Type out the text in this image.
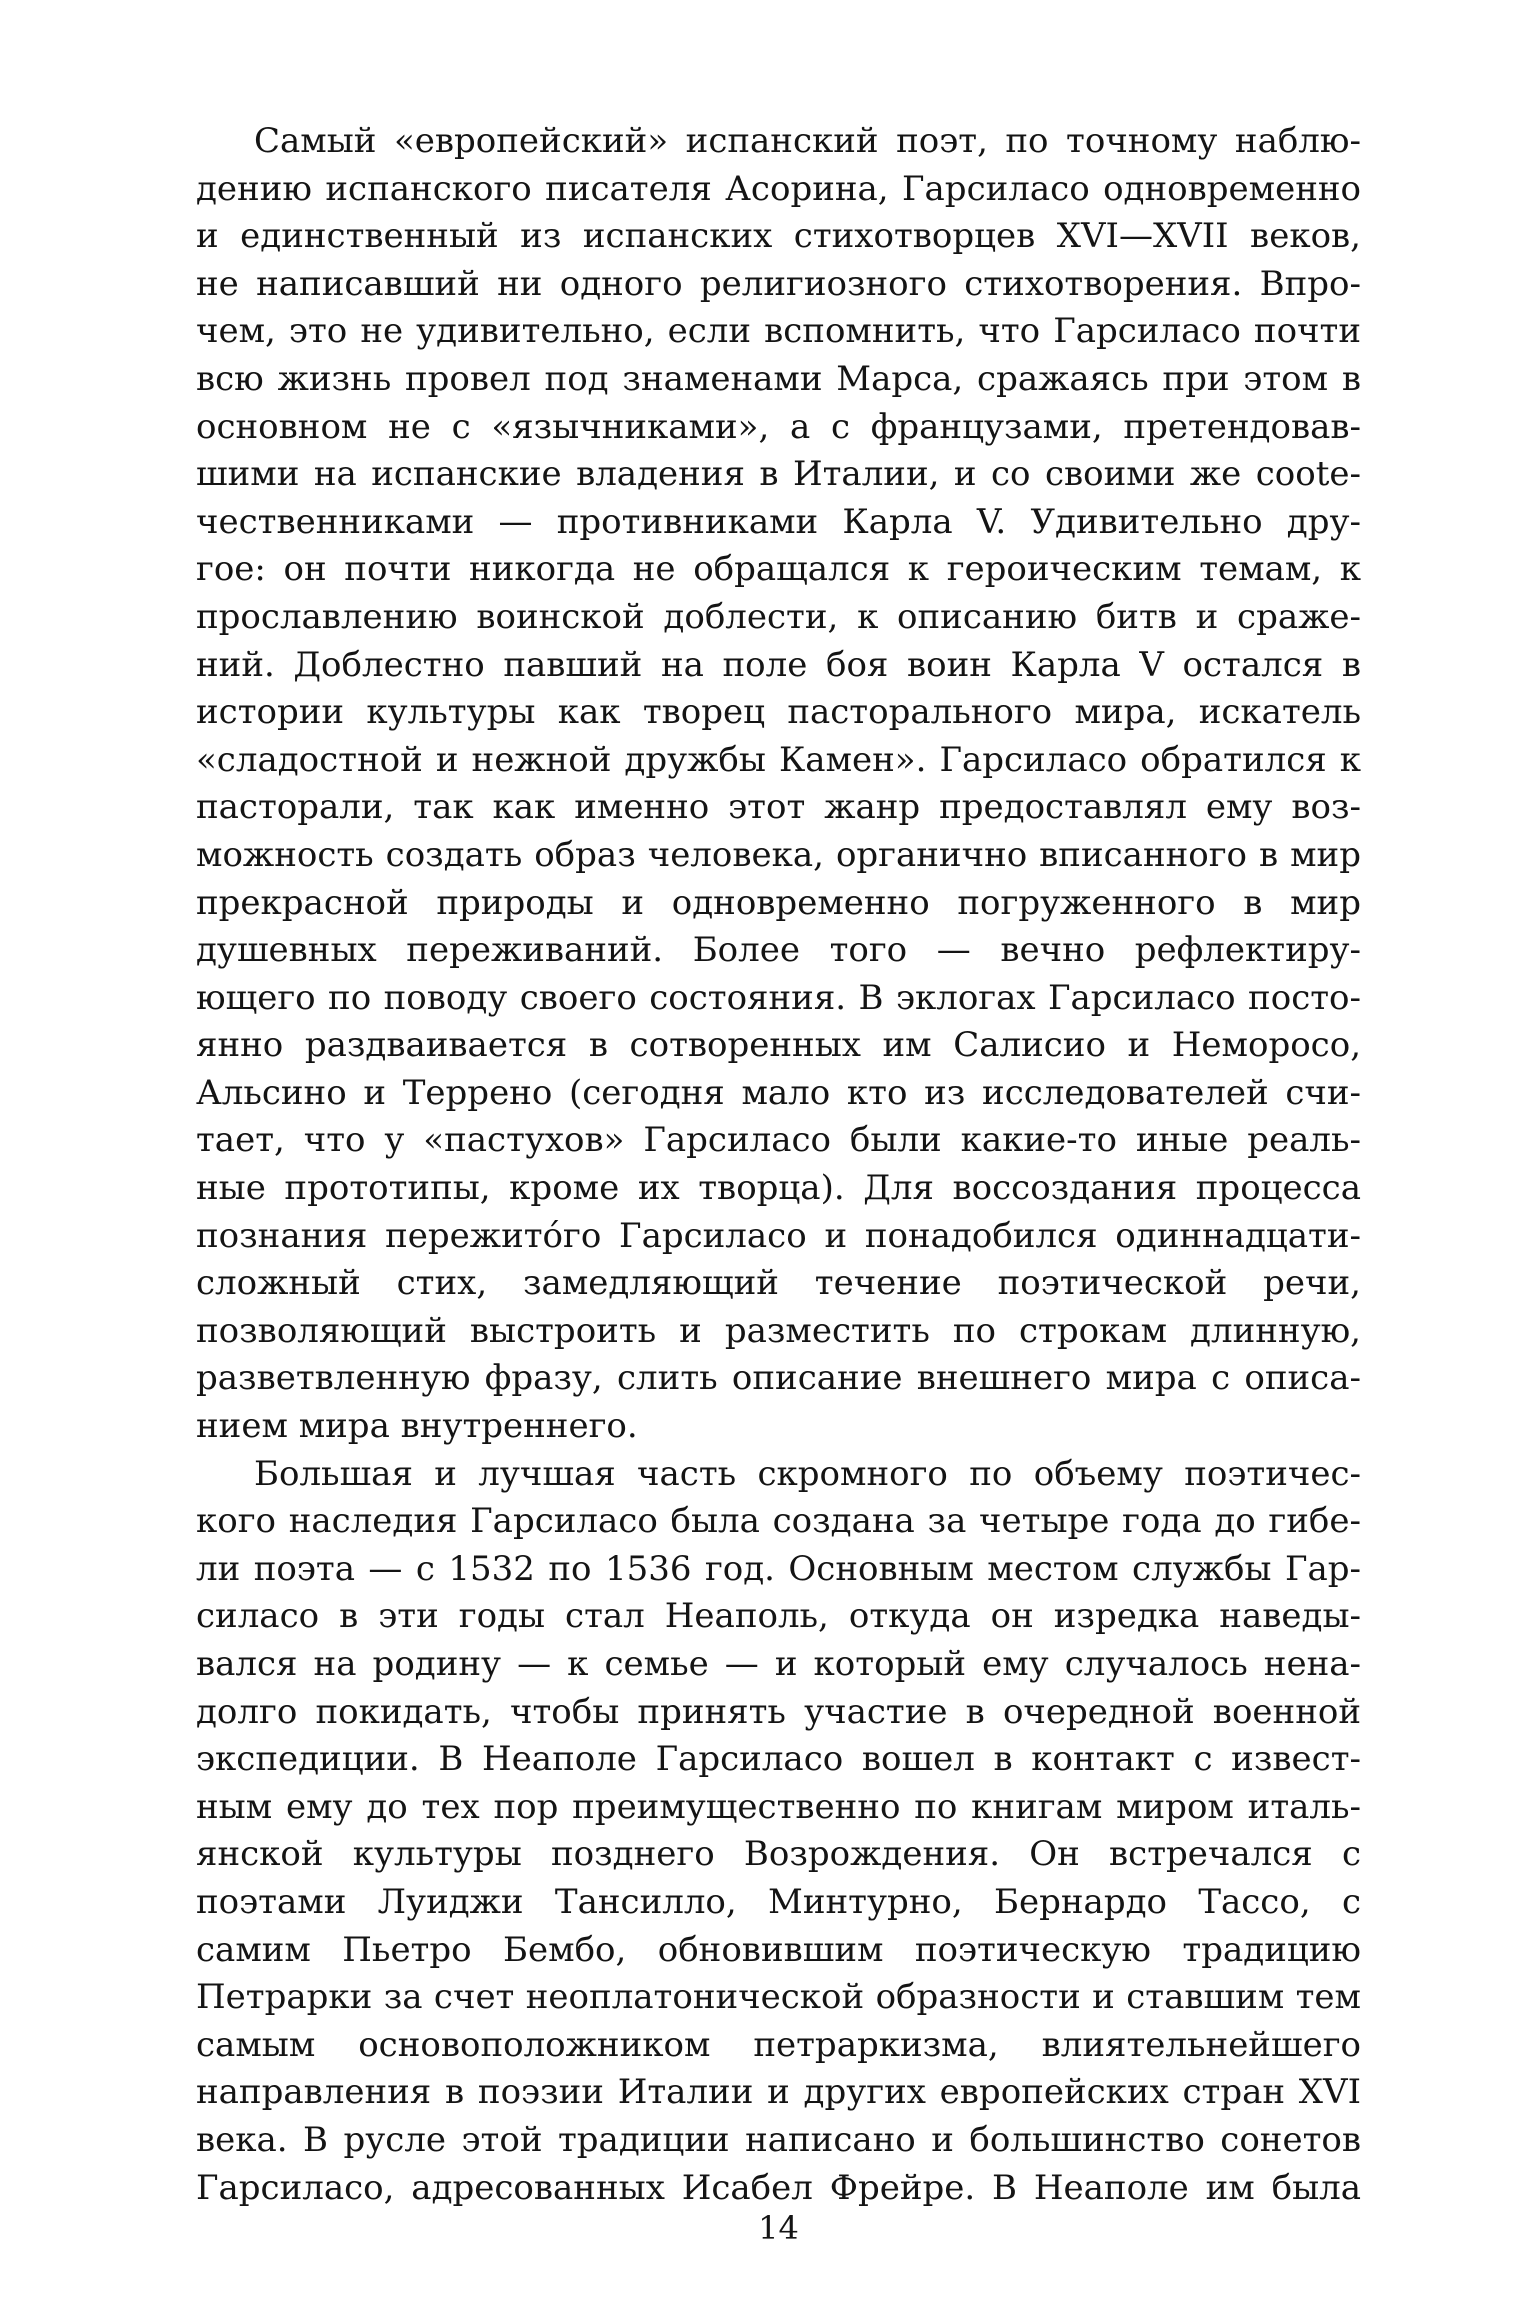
Самый «европейский» испанский поэт, по точному наблю-
дению испанского писателя Асорина, Гарсиласо одновременно
и единственный из испанских стихотворцев XVI—XVII веков,
не написавший ни одного религиозного стихотворения. Впро-
чем, это не удивительно, если вспомнить, что Гарсиласо почти
всю жизнь провел под знаменами Марса, сражаясь при этом в
основном не с «язычниками», а с французами, претендовав-
шими на испанские владения в Италии, и со своими же соote-
чественниками — противниками Карла V. Удивительно дру-
гое: он почти никогда не обращался к героическим темам, к
прославлению воинской доблести, к описанию битв и сраже-
ний. Доблестно павший на поле боя воин Карла V остался в
истории культуры как творец пасторального мира, искатель
«сладостной и нежной дружбы Камен». Гарсиласо обратился к
пасторали, так как именно этот жанр предоставлял ему воз-
можность создать образ человека, органично вписанного в мир
прекрасной природы и одновременно погруженного в мир
душевных переживаний. Более того — вечно рефлектиру-
ющего по поводу своего состояния. В эклогах Гарсиласо посто-
янно раздваивается в сотворенных им Салисио и Неморосо,
Альсино и Террено (сегодня мало кто из исследователей счи-
тает, что у «пастухов» Гарсиласо были какие-то иные реаль-
ные прототипы, кроме их творца). Для воссоздания процесса
познания пережитóго Гарсиласо и понадобился одиннадцати-
сложный стих, замедляющий течение поэтической речи,
позволяющий выстроить и разместить по строкам длинную,
разветвленную фразу, слить описание внешнего мира с описа-
нием мира внутреннего.
Большая и лучшая часть скромного по объему поэтичес-
кого наследия Гарсиласо была создана за четыре года до гибе-
ли поэта — с 1532 по 1536 год. Основным местом службы Гар-
силасо в эти годы стал Неаполь, откуда он изредка наведы-
вался на родину — к семье — и который ему случалось нена-
долго покидать, чтобы принять участие в очередной военной
экспедиции. В Неаполе Гарсиласо вошел в контакт с извест-
ным ему до тех пор преимущественно по книгам миром италь-
янской культуры позднего Возрождения. Он встречался с
поэтами Луиджи Тансилло, Минтурно, Бернардо Тассо, с
самим Пьетро Бембо, обновившим поэтическую традицию
Петрарки за счет неоплатонической образности и ставшим тем
самым основоположником петраркизма, влиятельнейшего
направления в поэзии Италии и других европейских стран XVI
века. В русле этой традиции написано и большинство сонетов
Гарсиласо, адресованных Исабел Фрейре. В Неаполе им была
14
